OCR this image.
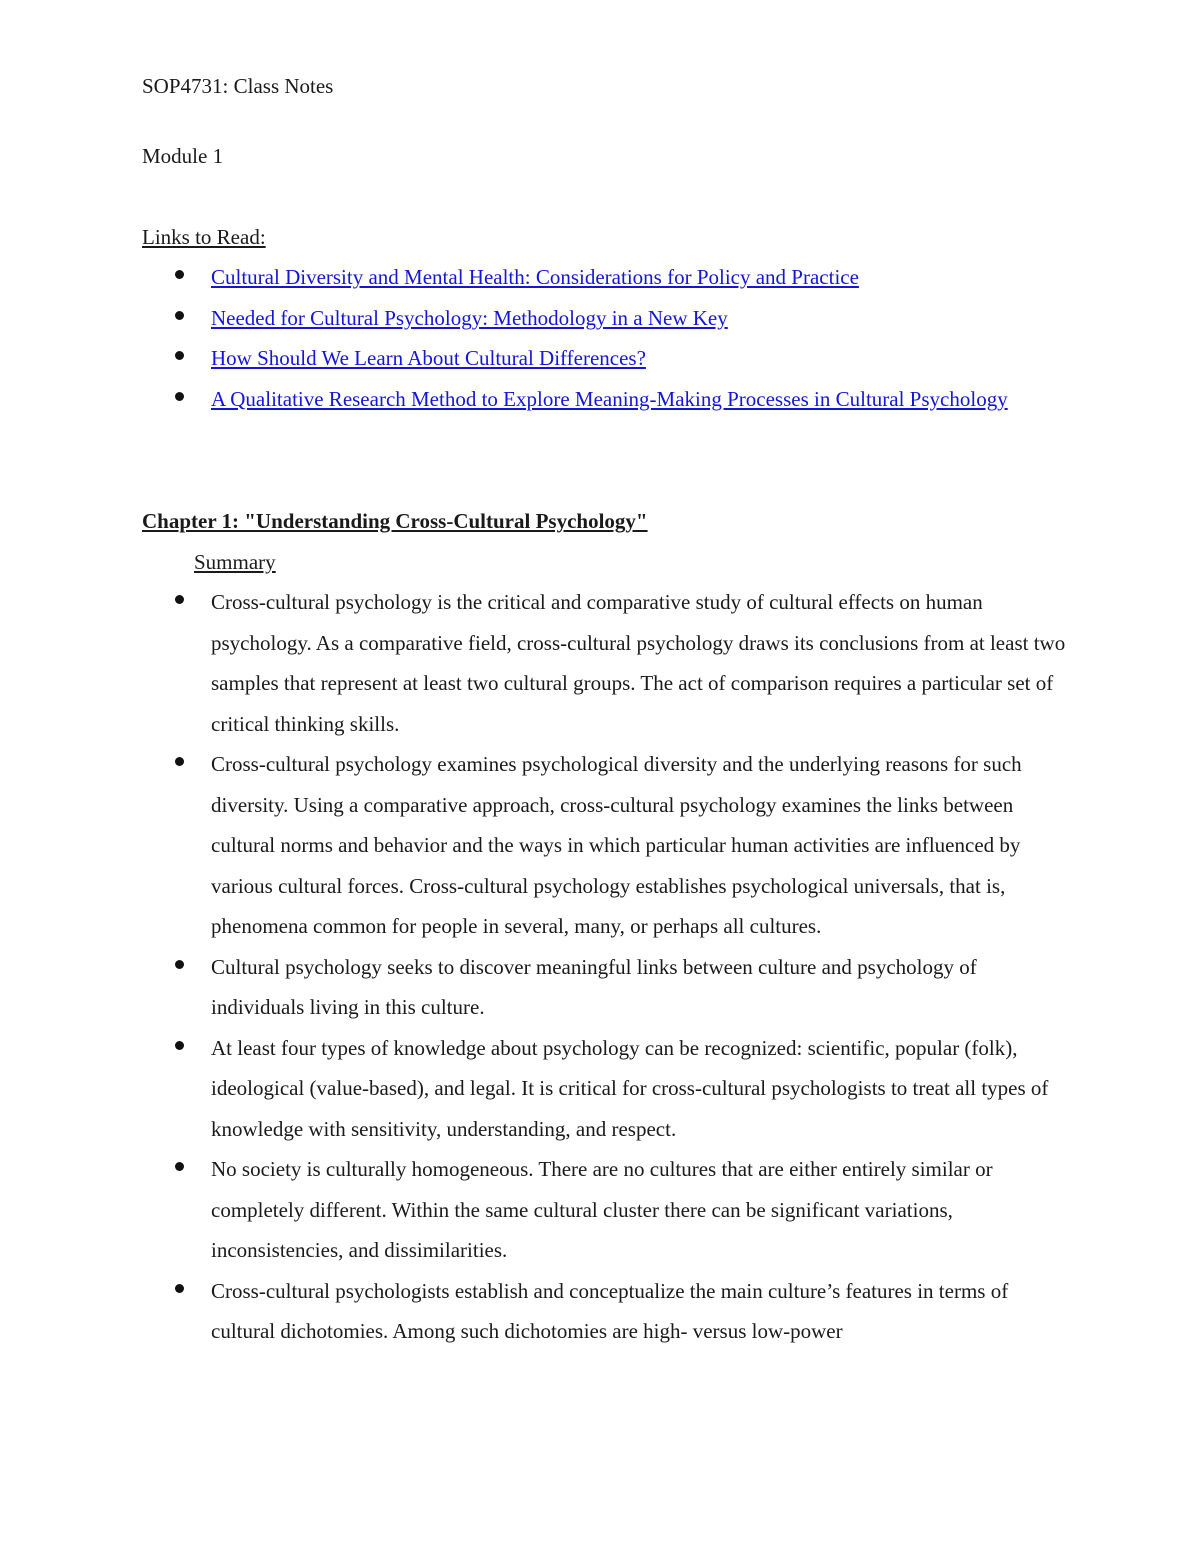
SOP4731: Class Notes

Module 1

Links to Read:

Cultural Diversity and Mental Health: Considerations for Policy and Practice
Needed for Cultural Psychology: Methodology in a New Key
How Should We Learn About Cultural Differences?
A Qualitative Research Method to Explore Meaning-Making Processes in Cultural Psychology

Chapter 1: "Understanding Cross-Cultural Psychology"

Summary

Cross-cultural psychology is the critical and comparative study of cultural effects on human psychology. As a comparative field, cross-cultural psychology draws its conclusions from at least two samples that represent at least two cultural groups. The act of comparison requires a particular set of critical thinking skills.
Cross-cultural psychology examines psychological diversity and the underlying reasons for such diversity. Using a comparative approach, cross-cultural psychology examines the links between cultural norms and behavior and the ways in which particular human activities are influenced by various cultural forces. Cross-cultural psychology establishes psychological universals, that is, phenomena common for people in several, many, or perhaps all cultures.
Cultural psychology seeks to discover meaningful links between culture and psychology of individuals living in this culture.
At least four types of knowledge about psychology can be recognized: scientific, popular (folk), ideological (value-based), and legal. It is critical for cross-cultural psychologists to treat all types of knowledge with sensitivity, understanding, and respect.
No society is culturally homogeneous. There are no cultures that are either entirely similar or completely different. Within the same cultural cluster there can be significant variations, inconsistencies, and dissimilarities.
Cross-cultural psychologists establish and conceptualize the main culture’s features in terms of cultural dichotomies. Among such dichotomies are high- versus low-power
